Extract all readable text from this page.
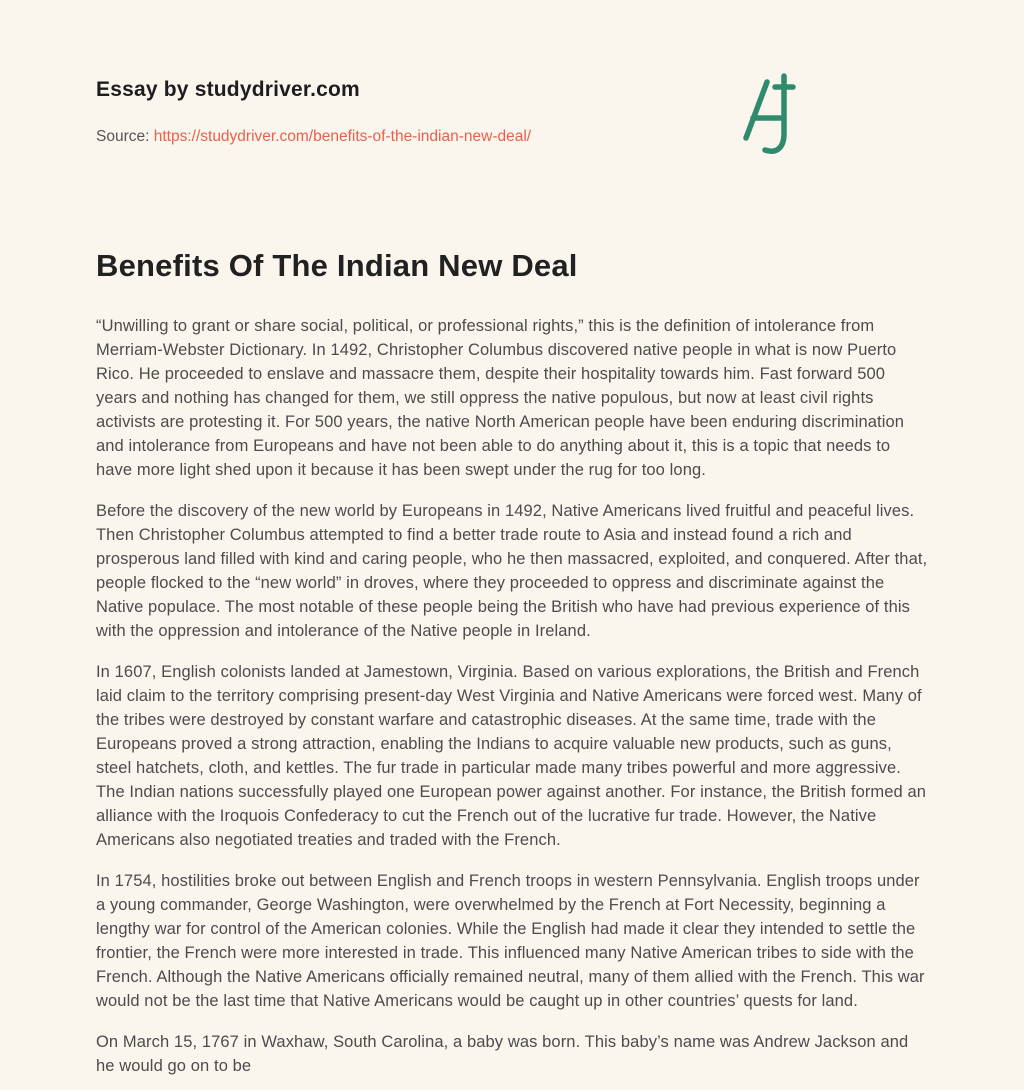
Essay by studydriver.com
Source: https://studydriver.com/benefits-of-the-indian-new-deal/
Benefits Of The Indian New Deal

“Unwilling to grant or share social, political, or professional rights,” this is the definition of intolerance from Merriam-Webster Dictionary. In 1492, Christopher Columbus discovered native people in what is now Puerto Rico. He proceeded to enslave and massacre them, despite their hospitality towards him. Fast forward 500 years and nothing has changed for them, we still oppress the native populous, but now at least civil rights activists are protesting it. For 500 years, the native North American people have been enduring discrimination and intolerance from Europeans and have not been able to do anything about it, this is a topic that needs to have more light shed upon it because it has been swept under the rug for too long.

Before the discovery of the new world by Europeans in 1492, Native Americans lived fruitful and peaceful lives. Then Christopher Columbus attempted to find a better trade route to Asia and instead found a rich and prosperous land filled with kind and caring people, who he then massacred, exploited, and conquered. After that, people flocked to the “new world” in droves, where they proceeded to oppress and discriminate against the Native populace. The most notable of these people being the British who have had previous experience of this with the oppression and intolerance of the Native people in Ireland.

In 1607, English colonists landed at Jamestown, Virginia. Based on various explorations, the British and French laid claim to the territory comprising present-day West Virginia and Native Americans were forced west. Many of the tribes were destroyed by constant warfare and catastrophic diseases. At the same time, trade with the Europeans proved a strong attraction, enabling the Indians to acquire valuable new products, such as guns, steel hatchets, cloth, and kettles. The fur trade in particular made many tribes powerful and more aggressive. The Indian nations successfully played one European power against another. For instance, the British formed an alliance with the Iroquois Confederacy to cut the French out of the lucrative fur trade. However, the Native Americans also negotiated treaties and traded with the French.

In 1754, hostilities broke out between English and French troops in western Pennsylvania. English troops under a young commander, George Washington, were overwhelmed by the French at Fort Necessity, beginning a lengthy war for control of the American colonies. While the English had made it clear they intended to settle the frontier, the French were more interested in trade. This influenced many Native American tribes to side with the French. Although the Native Americans officially remained neutral, many of them allied with the French. This war would not be the last time that Native Americans would be caught up in other countries’ quests for land.

On March 15, 1767 in Waxhaw, South Carolina, a baby was born. This baby’s name was Andrew Jackson and he would go on to be
